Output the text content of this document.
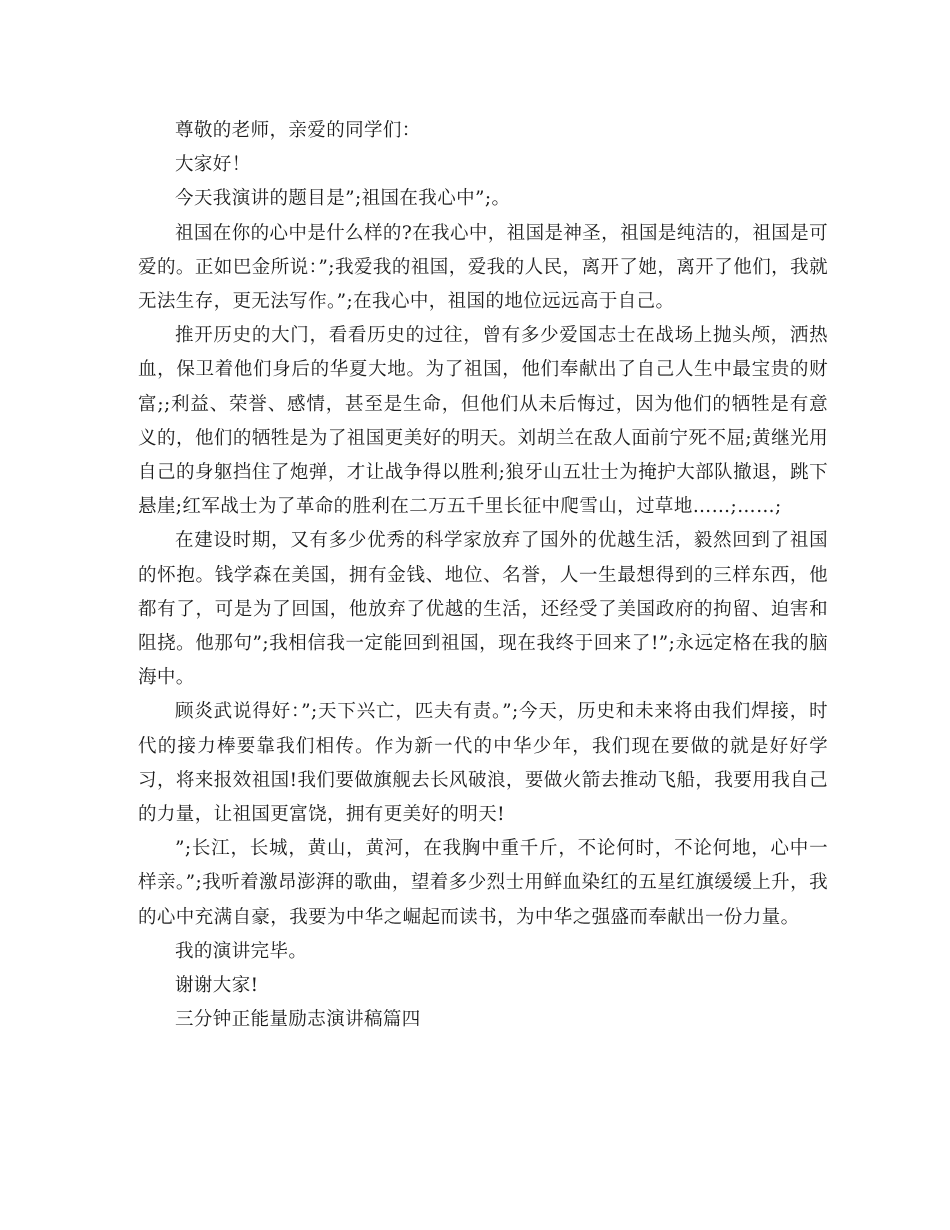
尊敬的老师，亲爱的同学们：

大家好！

今天我演讲的题目是”;祖国在我心中”;。

祖国在你的心中是什么样的?在我心中，祖国是神圣，祖国是纯洁的，祖国是可爱的。正如巴金所说：”;我爱我的祖国，爱我的人民，离开了她，离开了他们，我就无法生存，更无法写作。”;在我心中，祖国的地位远远高于自己。

推开历史的大门，看看历史的过往，曾有多少爱国志士在战场上抛头颅，洒热血，保卫着他们身后的华夏大地。为了祖国，他们奉献出了自己人生中最宝贵的财富;;利益、荣誉、感情，甚至是生命，但他们从未后悔过，因为他们的牺牲是有意义的，他们的牺牲是为了祖国更美好的明天。刘胡兰在敌人面前宁死不屈;黄继光用自己的身躯挡住了炮弹，才让战争得以胜利;狼牙山五壮士为掩护大部队撤退，跳下悬崖;红军战士为了革命的胜利在二万五千里长征中爬雪山，过草地……;……;

在建设时期，又有多少优秀的科学家放弃了国外的优越生活，毅然回到了祖国的怀抱。钱学森在美国，拥有金钱、地位、名誉，人一生最想得到的三样东西，他都有了，可是为了回国，他放弃了优越的生活，还经受了美国政府的拘留、迫害和阻挠。他那句”;我相信我一定能回到祖国，现在我终于回来了!”;永远定格在我的脑海中。

顾炎武说得好：”;天下兴亡，匹夫有责。”;今天，历史和未来将由我们焊接，时代的接力棒要靠我们相传。作为新一代的中华少年，我们现在要做的就是好好学习，将来报效祖国!我们要做旗舰去长风破浪，要做火箭去推动飞船，我要用我自己的力量，让祖国更富饶，拥有更美好的明天!

”;长江，长城，黄山，黄河，在我胸中重千斤，不论何时，不论何地，心中一样亲。”;我听着激昂澎湃的歌曲，望着多少烈士用鲜血染红的五星红旗缓缓上升，我的心中充满自豪，我要为中华之崛起而读书，为中华之强盛而奉献出一份力量。

我的演讲完毕。

谢谢大家!

三分钟正能量励志演讲稿篇四
